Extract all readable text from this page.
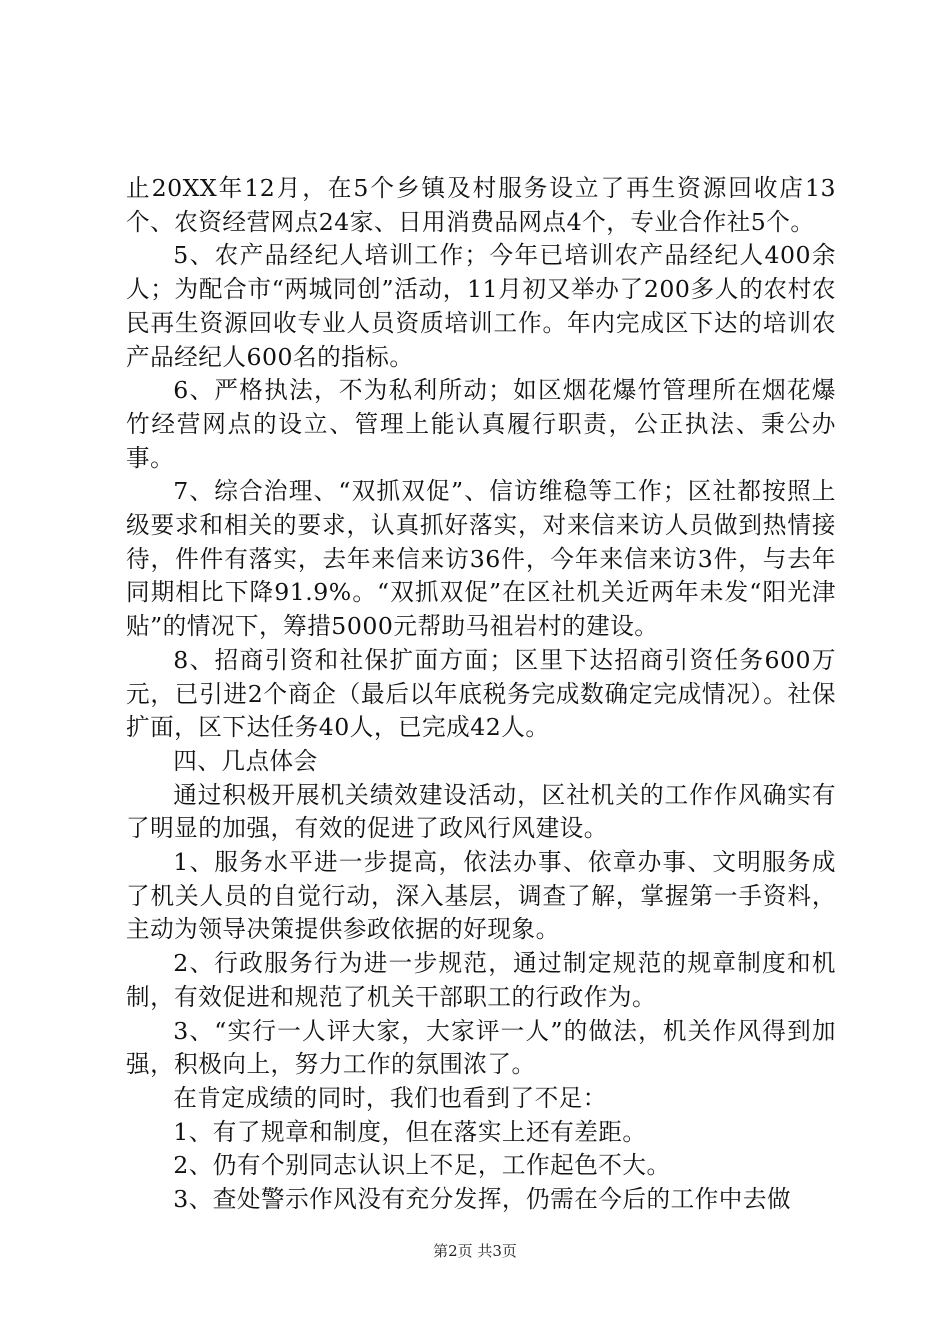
止20XX年12月，在5个乡镇及村服务设立了再生资源回收店13个、农资经营网点24家、日用消费品网点4个，专业合作社5个。

5、农产品经纪人培训工作；今年已培训农产品经纪人400余人；为配合市“两城同创”活动，11月初又举办了200多人的农村农民再生资源回收专业人员资质培训工作。年内完成区下达的培训农产品经纪人600名的指标。

6、严格执法，不为私利所动；如区烟花爆竹管理所在烟花爆竹经营网点的设立、管理上能认真履行职责，公正执法、秉公办事。

7、综合治理、“双抓双促”、信访维稳等工作；区社都按照上级要求和相关的要求，认真抓好落实，对来信来访人员做到热情接待，件件有落实，去年来信来访36件，今年来信来访3件，与去年同期相比下降91.9%。“双抓双促”在区社机关近两年未发“阳光津贴”的情况下，筹措5000元帮助马祖岩村的建设。

8、招商引资和社保扩面方面；区里下达招商引资任务600万元，已引进2个商企（最后以年底税务完成数确定完成情况）。社保扩面，区下达任务40人，已完成42人。

四、几点体会

通过积极开展机关绩效建设活动，区社机关的工作作风确实有了明显的加强，有效的促进了政风行风建设。

1、服务水平进一步提高，依法办事、依章办事、文明服务成了机关人员的自觉行动，深入基层，调查了解，掌握第一手资料，主动为领导决策提供参政依据的好现象。

2、行政服务行为进一步规范，通过制定规范的规章制度和机制，有效促进和规范了机关干部职工的行政作为。

3、“实行一人评大家，大家评一人”的做法，机关作风得到加强，积极向上，努力工作的氛围浓了。

在肯定成绩的同时，我们也看到了不足：

1、有了规章和制度，但在落实上还有差距。

2、仍有个别同志认识上不足，工作起色不大。

3、查处警示作风没有充分发挥，仍需在今后的工作中去做

第2页 共3页
